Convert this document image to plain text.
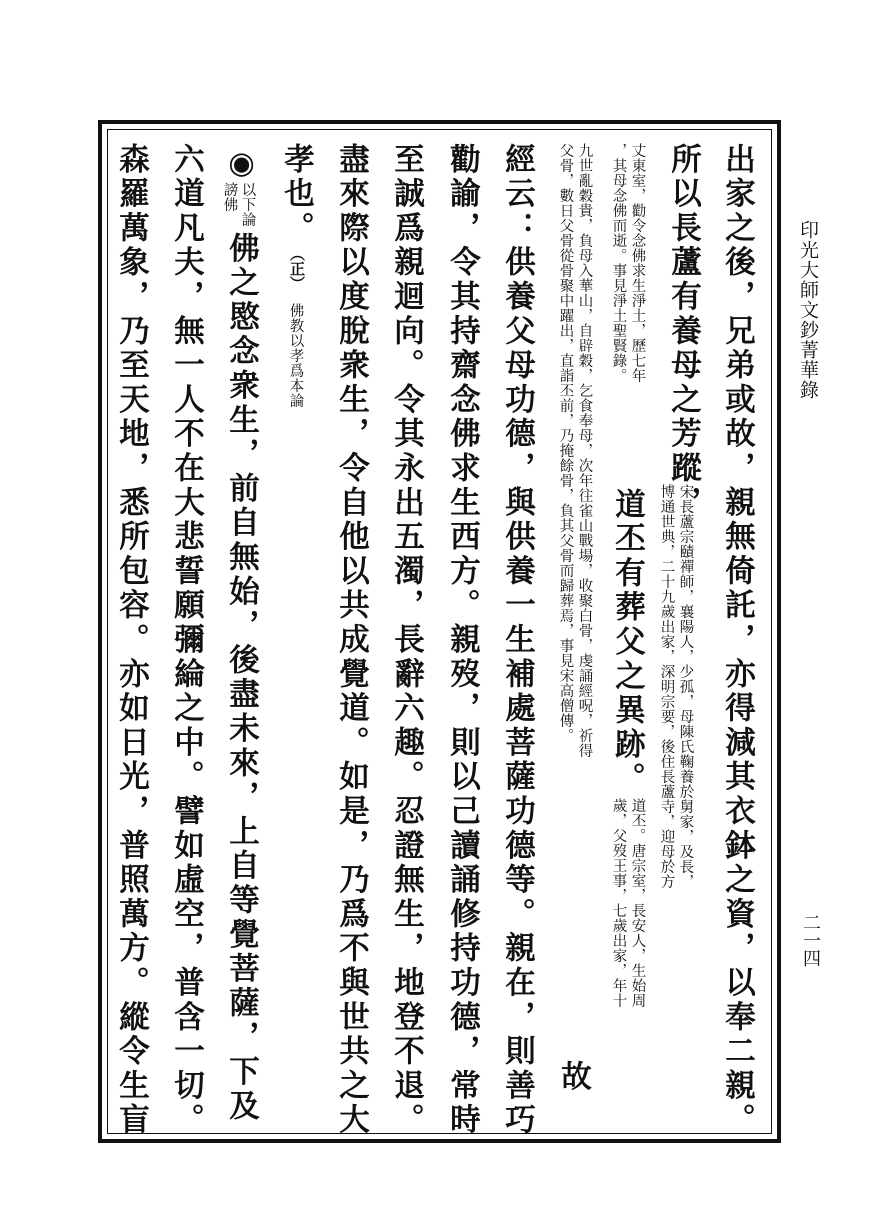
印光大師文鈔菁華錄
二一四
出家之後，兄弟或故，親無倚託，亦得減其衣鉢之資，以奉二親。
所以長蘆有養母之芳蹤，
宋長蘆宗賾禪師，襄陽人，少孤，母陳氏鞠養於舅家，及長，
博通世典，二十九歲出家，深明宗要，後住長蘆寺，迎母於方
丈東室，勸令念佛求生淨土，歷七年
，其母念佛而逝。事見淨土聖賢錄。
道丕有葬父之異跡。
道丕。唐宗室，長安人，生始周
歲，父歿王事，七歲出家，年十
九世亂穀貴，負母入華山，自辟穀，乞食奉母，次年往雀山戰場，收聚白骨，虔誦經呪，祈得
父骨，數日父骨從骨聚中躍出，直詣丕前，乃掩餘骨，負其父骨而歸葬焉，事見宋高僧傳。
故
經云：供養父母功德，與供養一生補處菩薩功德等。親在，則善巧
勸諭，令其持齋念佛求生西方。親歿，則以己讀誦修持功德，常時
至誠爲親迴向。令其永出五濁，長辭六趣。忍證無生，地登不退。
盡來際以度脫衆生，令自他以共成覺道。如是，乃爲不與世共之大
孝也。
（正）
佛教以孝爲本論
◉
以下論
謗佛
佛之愍念衆生，前自無始，後盡未來，上自等覺菩薩，下及
六道凡夫，無一人不在大悲誓願彌綸之中。譬如虛空，普含一切。
森羅萬象，乃至天地，悉所包容。亦如日光，普照萬方。縱令生盲
